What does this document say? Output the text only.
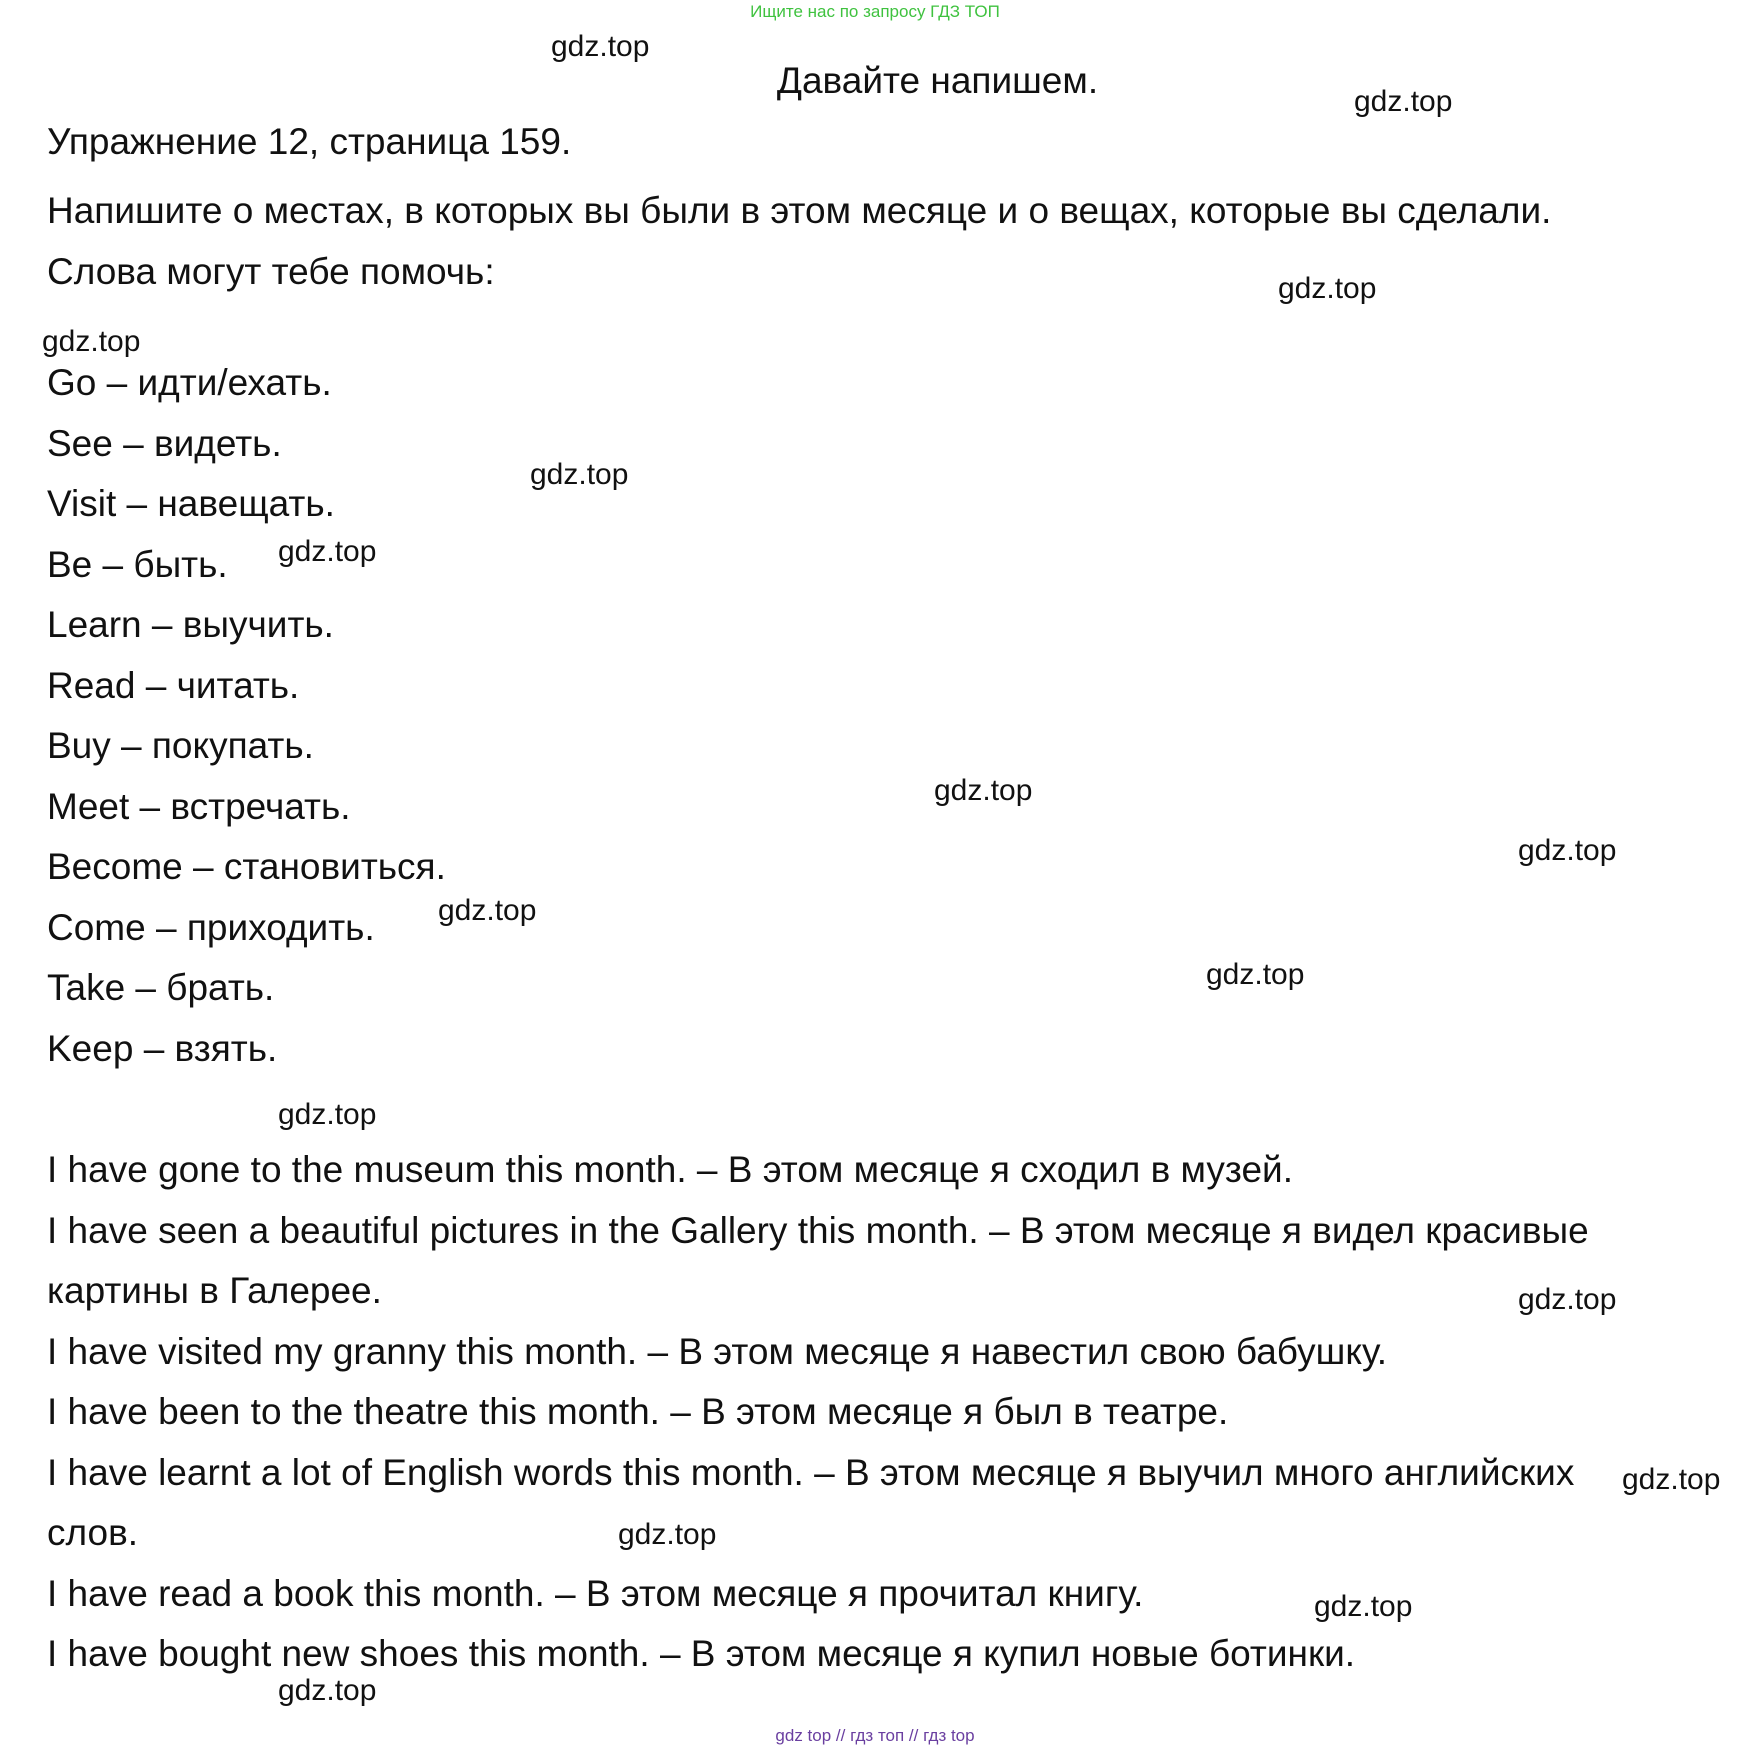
Ищите нас по запросу ГДЗ ТОП
Давайте напишем.
Упражнение 12, страница 159.
Напишите о местах, в которых вы были в этом месяце и о вещах, которые вы сделали. Слова могут тебе помочь:
Go – идти/ехать.
See – видеть.
Visit – навещать.
Be – быть.
Learn – выучить.
Read – читать.
Buy – покупать.
Meet – встречать.
Become – становиться.
Come – приходить.
Take – брать.
Keep – взять.

I have gone to the museum this month. – В этом месяце я сходил в музей.

I have seen a beautiful pictures in the Gallery this month. – В этом месяце я видел красивые картины в Галерее.

I have visited my granny this month. – В этом месяце я навестил свою бабушку.

I have been to the theatre this month. – В этом месяце я был в театре.

I have learnt a lot of English words this month. – В этом месяце я выучил много английских слов.

I have read a book this month. – В этом месяце я прочитал книгу.

I have bought new shoes this month. – В этом месяце я купил новые ботинки.

gdz.top
gdz.top
gdz.top
gdz.top
gdz.top
gdz.top
gdz.top
gdz.top
gdz.top
gdz.top
gdz.top
gdz.top
gdz.top
gdz.top
gdz.top
gdz.top
gdz top // гдз топ // гдз top
